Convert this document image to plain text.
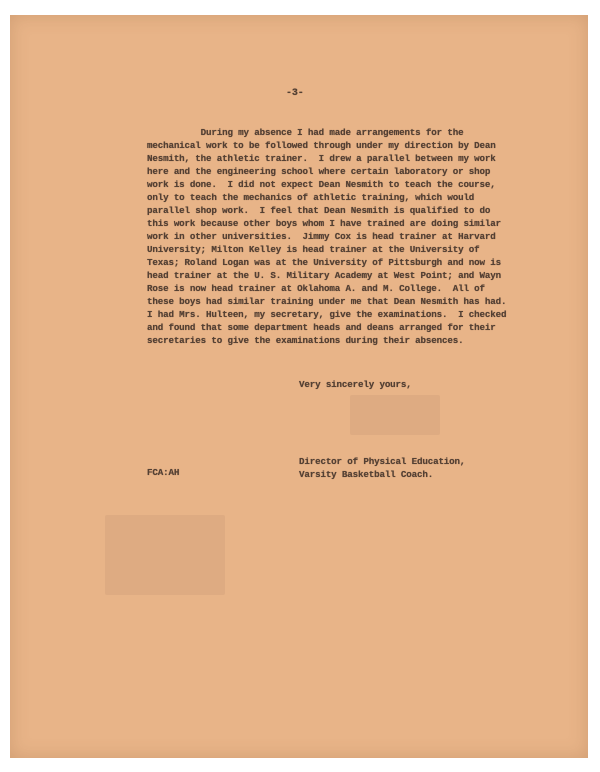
-3-
During my absence I had made arrangements for the
mechanical work to be followed through under my direction by Dean
Nesmith, the athletic trainer.  I drew a parallel between my work
here and the engineering school where certain laboratory or shop
work is done.  I did not expect Dean Nesmith to teach the course,
only to teach the mechanics of athletic training, which would
parallel shop work.  I feel that Dean Nesmith is qualified to do
this work because other boys whom I have trained are doing similar
work in other universities.  Jimmy Cox is head trainer at Harvard
University; Milton Kelley is head trainer at the University of
Texas; Roland Logan was at the University of Pittsburgh and now is
head trainer at the U. S. Military Academy at West Point; and Wayn
Rose is now head trainer at Oklahoma A. and M. College.  All of
these boys had similar training under me that Dean Nesmith has had.
I had Mrs. Hulteen, my secretary, give the examinations.  I checked
and found that some department heads and deans arranged for their
secretaries to give the examinations during their absences.
Very sincerely yours,
Director of Physical Education,
Varsity Basketball Coach.
FCA:AH
